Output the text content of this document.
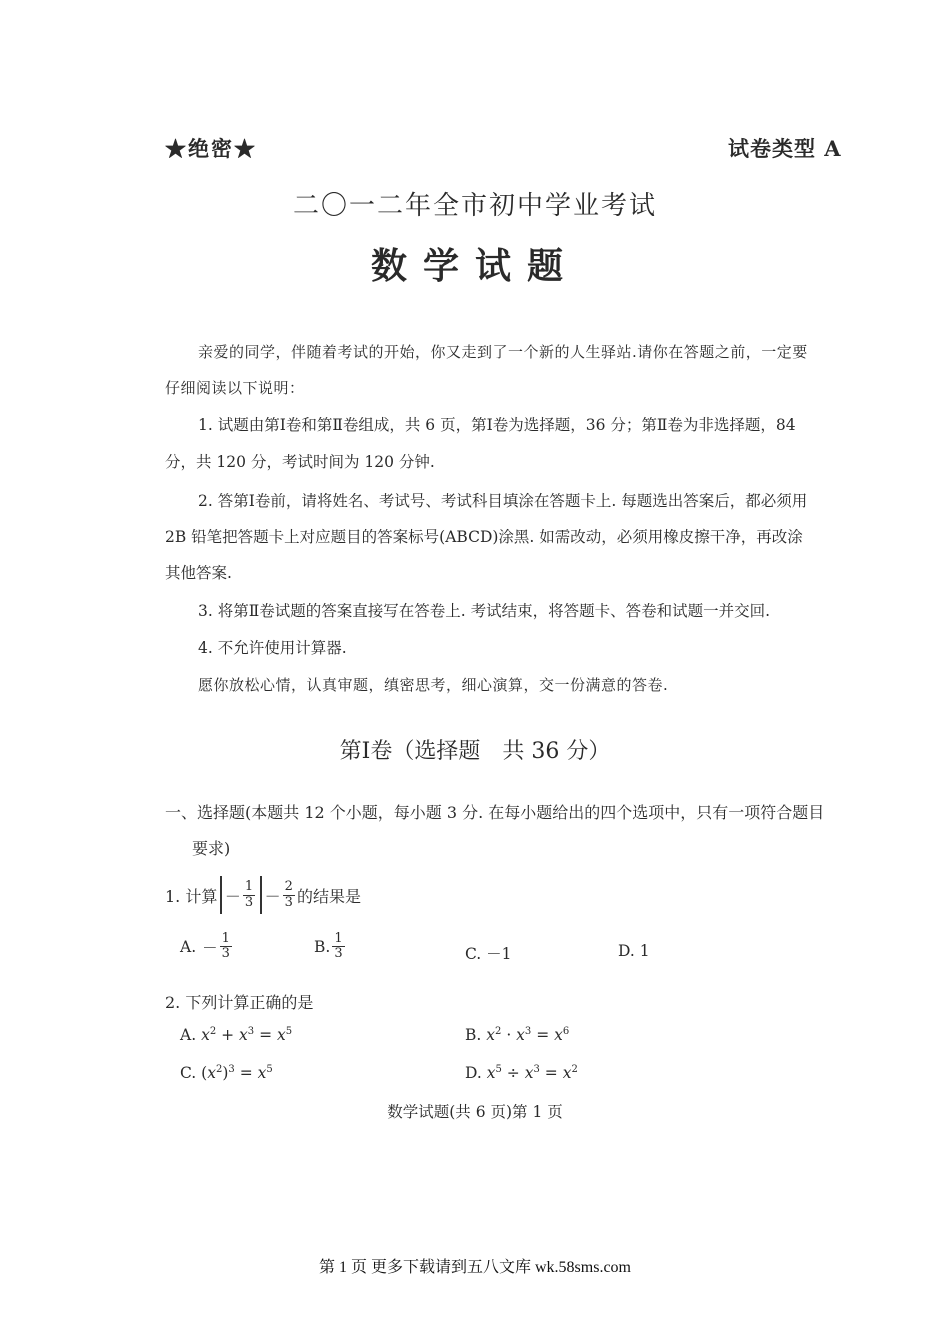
★绝密★	试卷类型 A
二〇一二年全市初中学业考试
数学试题
亲爱的同学，伴随着考试的开始，你又走到了一个新的人生驿站.请你在答题之前，一定要
仔细阅读以下说明：
1. 试题由第Ⅰ卷和第Ⅱ卷组成，共 6 页，第Ⅰ卷为选择题，36 分；第Ⅱ卷为非选择题，84
分，共 120 分，考试时间为 120 分钟.
2. 答第Ⅰ卷前，请将姓名、考试号、考试科目填涂在答题卡上. 每题选出答案后，都必须用
2B 铅笔把答题卡上对应题目的答案标号(ABCD)涂黑. 如需改动，必须用橡皮擦干净，再改涂
其他答案.
3. 将第Ⅱ卷试题的答案直接写在答卷上. 考试结束，将答题卡、答卷和试题一并交回.
4. 不允许使用计算器.
愿你放松心情，认真审题，缜密思考，细心演算，交一份满意的答卷.
第Ⅰ卷（选择题　共 36 分）
一、选择题(本题共 12 个小题，每小题 3 分. 在每小题给出的四个选项中，只有一项符合题目
要求)
1. 计算 － $\frac{1}{3} - \frac{2}{3}$ 的结果是
A. － $\frac{1}{3}$	B. $\frac{1}{3}$	C. －1	D. 1
2. 下列计算正确的是
A. $x^2 + x^3 = x^5$	B. $x^2 \cdot x^3 = x^6$
C. $(x^2)^3 = x^5$	D. $x^5 \div x^3 = x^2$
数学试题(共 6 页)第 1 页
第 1 页 更多下载请到五八文库 wk.58sms.com
